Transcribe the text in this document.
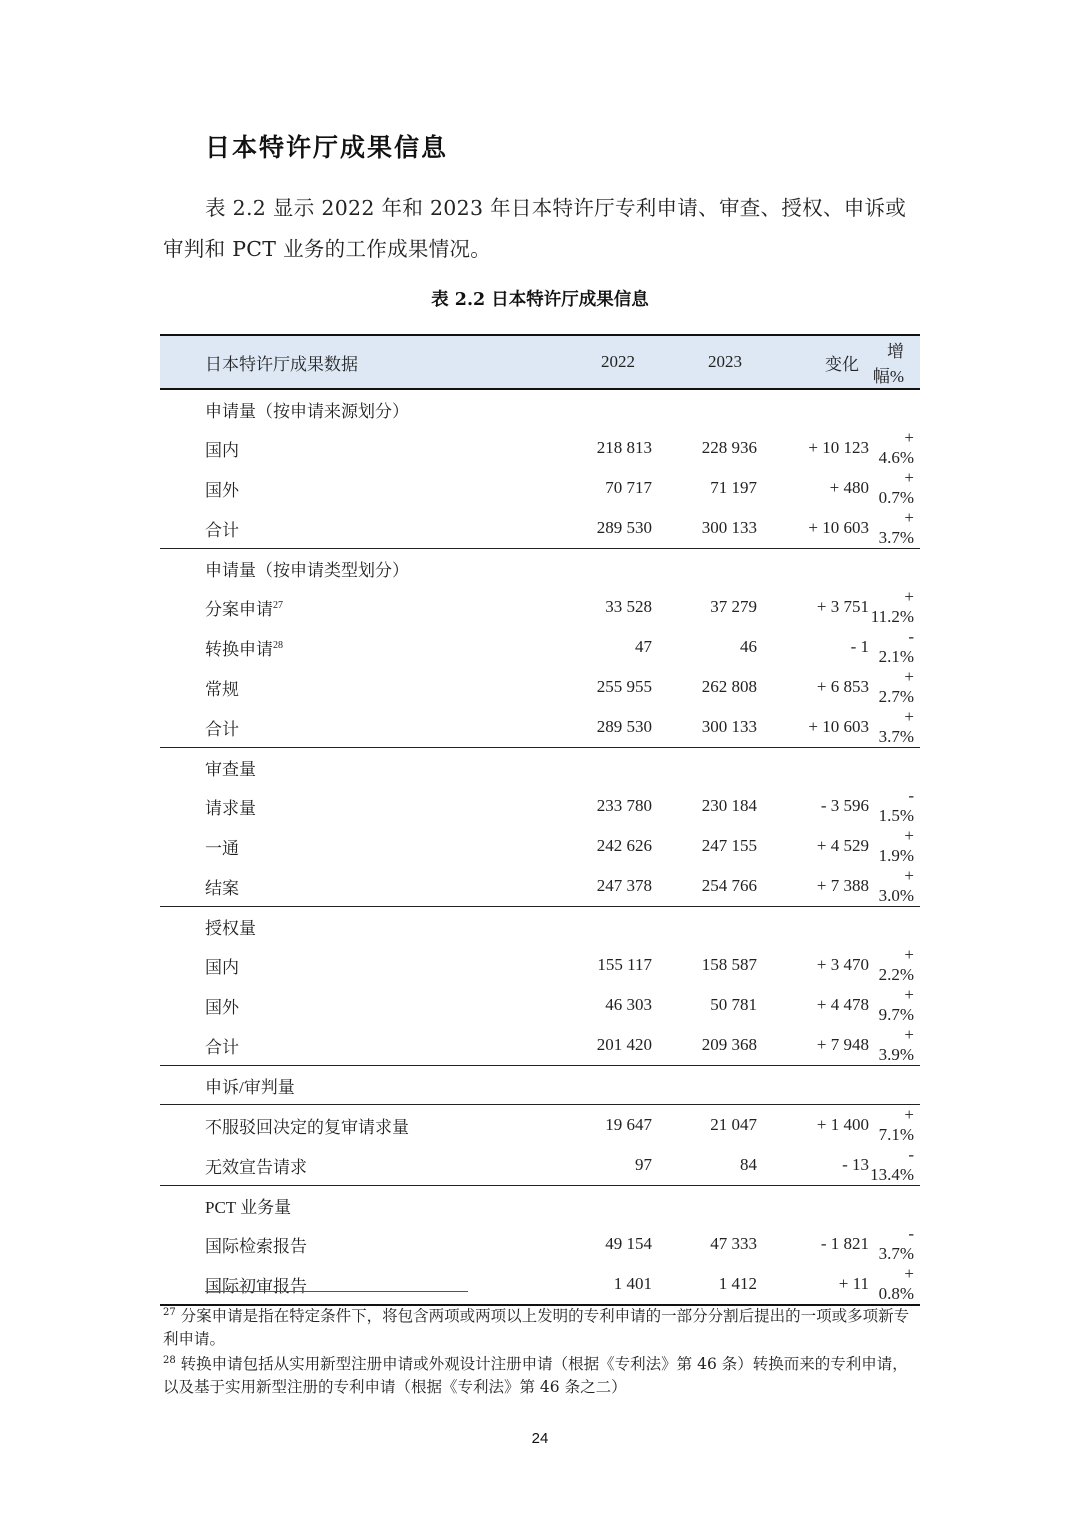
日本特许厅成果信息

表 2.2 显示 2022 年和 2023 年日本特许厅专利申请、审查、授权、申诉或审判和 PCT 业务的工作成果情况。

表 2.2 日本特许厅成果信息
日本特许厅成果数据	2022	2023	变化	增幅%
申请量（按申请来源划分）				
国内	218 813	228 936	+ 10 123	+ 4.6%
国外	70 717	71 197	+ 480	+ 0.7%
合计	289 530	300 133	+ 10 603	+ 3.7%
申请量（按申请类型划分）				
分案申请$^{27}$	33 528	37 279	+ 3 751	+ 11.2%
转换申请$^{28}$	47	46	- 1	- 2.1%
常规	255 955	262 808	+ 6 853	+ 2.7%
合计	289 530	300 133	+ 10 603	+ 3.7%
审查量				
请求量	233 780	230 184	- 3 596	- 1.5%
一通	242 626	247 155	+ 4 529	+ 1.9%
结案	247 378	254 766	+ 7 388	+ 3.0%
授权量				
国内	155 117	158 587	+ 3 470	+ 2.2%
国外	46 303	50 781	+ 4 478	+ 9.7%
合计	201 420	209 368	+ 7 948	+ 3.9%
申诉/审判量				
不服驳回决定的复审请求量	19 647	21 047	+ 1 400	+ 7.1%
无效宣告请求	97	84	- 13	- 13.4%
PCT 业务量				
国际检索报告	49 154	47 333	- 1 821	- 3.7%
国际初审报告	1 401	1 412	+ 11	+ 0.8%
$^{27}$ 分案申请是指在特定条件下，将包含两项或两项以上发明的专利申请的一部分分割后提出的一项或多项新专利申请。
$^{28}$ 转换申请包括从实用新型注册申请或外观设计注册申请（根据《专利法》第 46 条）转换而来的专利申请，以及基于实用新型注册的专利申请（根据《专利法》第 46 条之二）
24
